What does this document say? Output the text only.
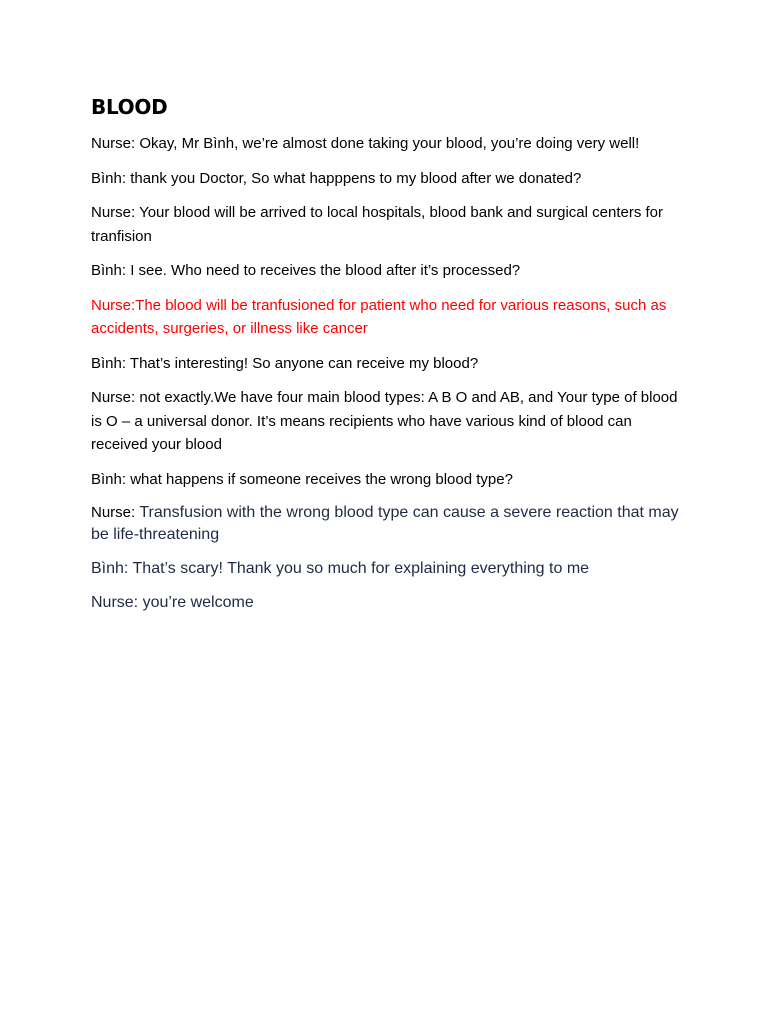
BLOOD

Nurse: Okay, Mr Bình, we’re almost done taking your blood, you’re doing very well!

Bình: thank you Doctor, So what happpens to my blood after we donated?

Nurse: Your blood will be arrived to local hospitals, blood bank and surgical centers for tranfision

Bình: I see. Who need to receives the blood after it’s processed?

Nurse:The blood will be tranfusioned for patient who need for various reasons, such as accidents, surgeries, or illness like cancer

Bình: That’s interesting! So anyone can receive my blood?

Nurse: not exactly.We have four main blood types: A B O and AB, and Your type of blood is O – a universal donor. It’s means recipients who have various kind of blood can received your blood

Bình: what happens if someone receives the wrong blood type?

Nurse: Transfusion with the wrong blood type can cause a severe reaction that may be life-threatening

Bình: That’s scary! Thank you so much for explaining everything to me

Nurse: you’re welcome
